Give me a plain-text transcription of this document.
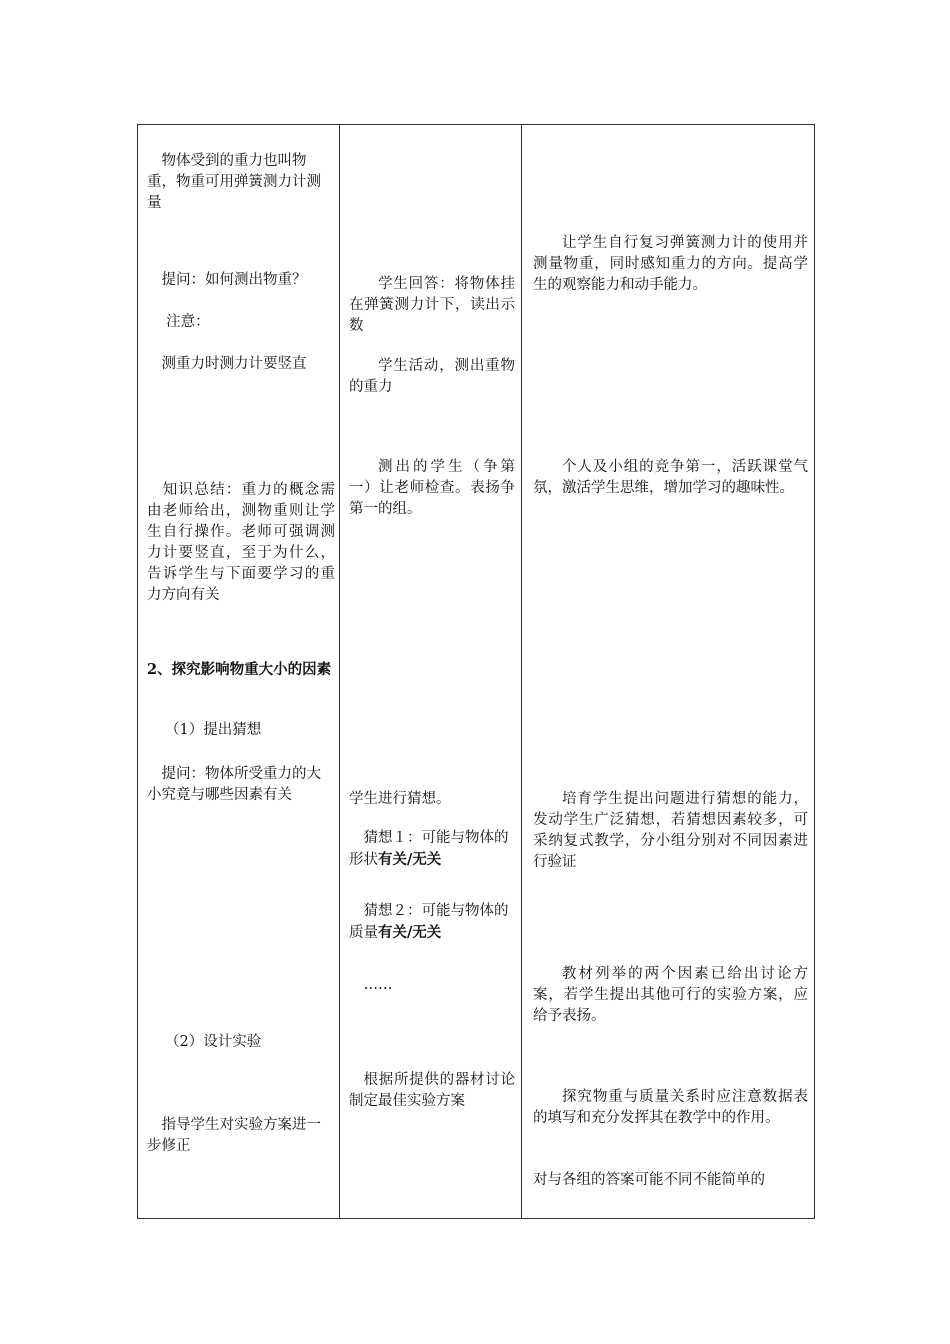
　物体受到的重力也叫物重，物重可用弹簧测力计测量

　提问：如何测出物重？

　 注意：

　测重力时测力计要竖直

　知识总结：重力的概念需由老师给出，测物重则让学生自行操作。老师可强调测力计要竖直，至于为什么，告诉学生与下面要学习的重力方向有关

2、探究影响物重大小的因素

（1）提出猜想

　提问：物体所受重力的大小究竟与哪些因素有关

（2）设计实验

　指导学生对实验方案进一步修正

学生回答：将物体挂在弹簧测力计下，读出示数

学生活动，测出重物的重力

测出的学生（争第一）让老师检查。表扬争第一的组。

学生进行猜想。

猜想１：可能与物体的形状有关/无关

猜想２：可能与物体的质量有关/无关

……

根据所提供的器材讨论制定最佳实验方案

让学生自行复习弹簧测力计的使用并测量物重，同时感知重力的方向。提高学生的观察能力和动手能力。

个人及小组的竞争第一，活跃课堂气氛，激活学生思维，增加学习的趣味性。

培育学生提出问题进行猜想的能力，发动学生广泛猜想，若猜想因素较多，可采纳复式教学，分小组分别对不同因素进行验证

教材列举的两个因素已给出讨论方案，若学生提出其他可行的实验方案，应给予表扬。

探究物重与质量关系时应注意数据表的填写和充分发挥其在教学中的作用。

对与各组的答案可能不同不能简单的
